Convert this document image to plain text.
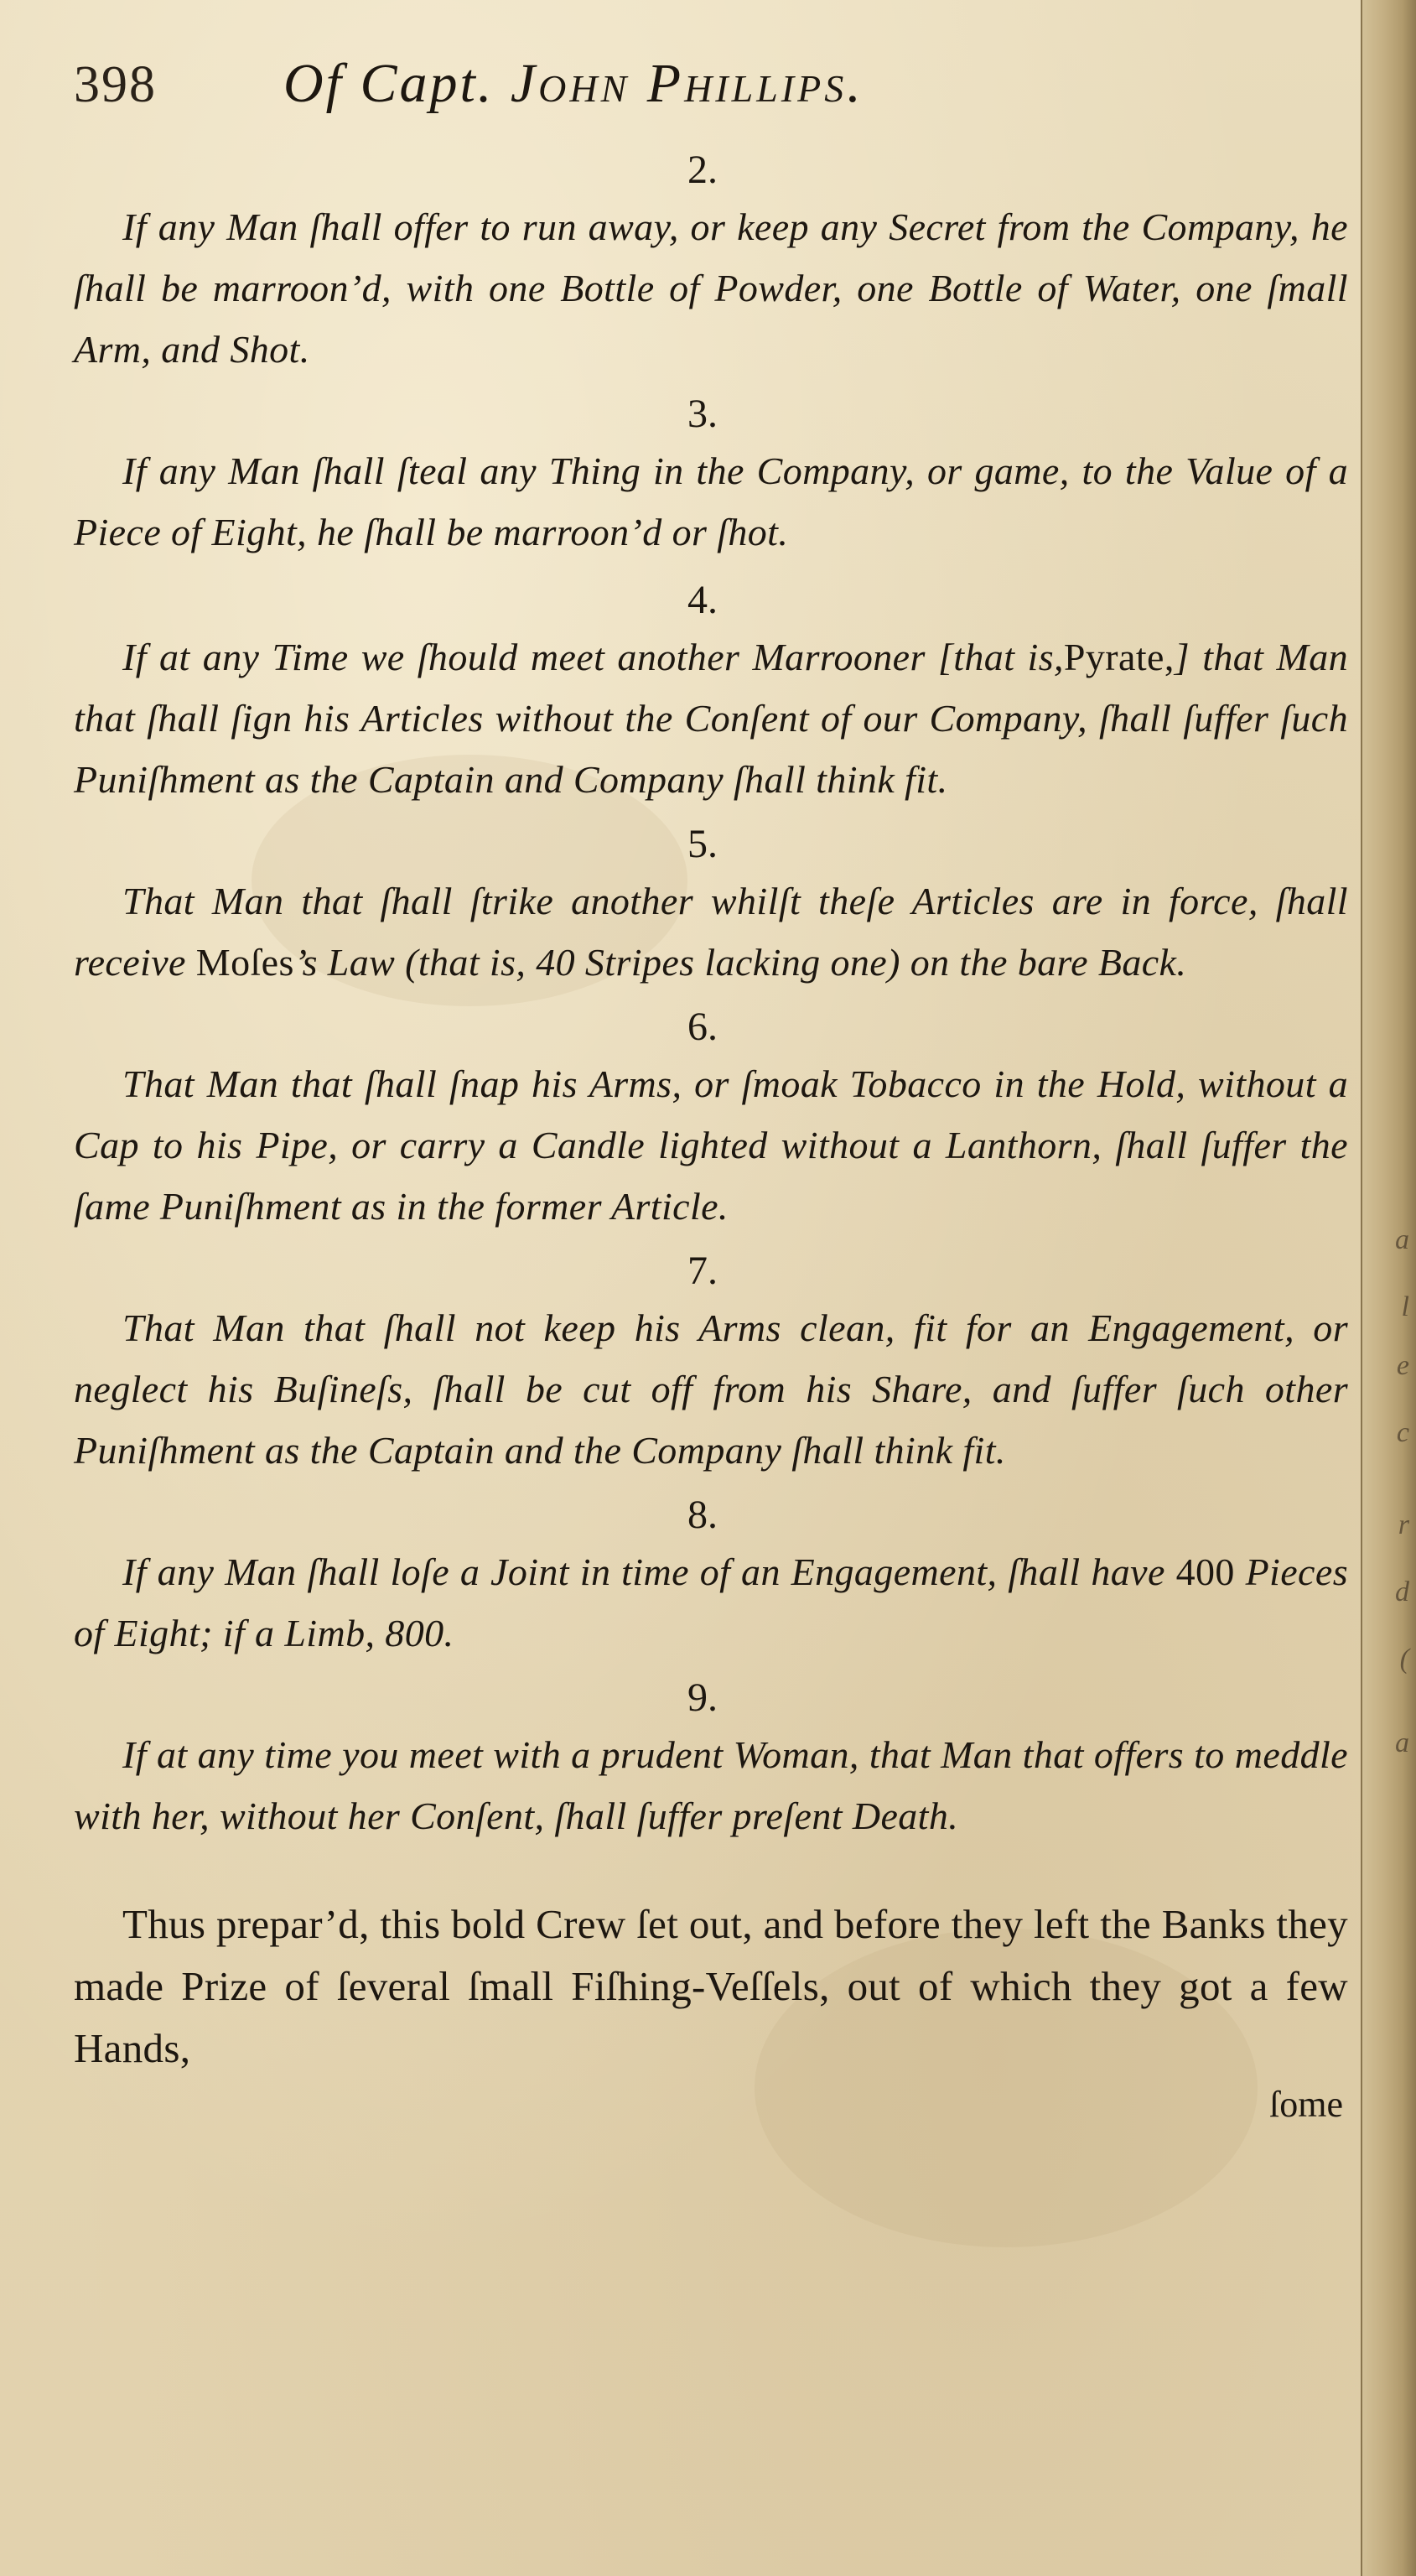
a
l
e
c
r
d
(
a
398	Of Capt. John Phillips.
2.
If any Man ſhall offer to run away, or keep any Secret from the Company, he ſhall be marroon’d, with one Bottle of Powder, one Bottle of Water, one ſmall Arm, and Shot.
3.
If any Man ſhall ſteal any Thing in the Company, or game, to the Value of a Piece of Eight, he ſhall be marroon’d or ſhot.
4.
If at any Time we ſhould meet another Marrooner [that is,Pyrate,] that Man that ſhall ſign his Articles without the Conſent of our Company, ſhall ſuffer ſuch Puniſhment as the Captain and Company ſhall think fit.
5.
That Man that ſhall ſtrike another whilſt theſe Articles are in force, ſhall receive Moſes’s Law (that is, 40 Stripes lacking one) on the bare Back.
6.
That Man that ſhall ſnap his Arms, or ſmoak Tobacco in the Hold, without a Cap to his Pipe, or carry a Candle lighted without a Lanthorn, ſhall ſuffer the ſame Puniſhment as in the former Article.
7.
That Man that ſhall not keep his Arms clean, fit for an Engagement, or neglect his Buſineſs, ſhall be cut off from his Share, and ſuffer ſuch other Puniſhment as the Captain and the Company ſhall think fit.
8.
If any Man ſhall loſe a Joint in time of an Engagement, ſhall have 400 Pieces of Eight; if a Limb, 800.
9.
If at any time you meet with a prudent Woman, that Man that offers to meddle with her, without her Conſent, ſhall ſuffer preſent Death.
Thus prepar’d, this bold Crew ſet out, and before they left the Banks they made Prize of ſeveral ſmall Fiſhing-Veſſels, out of which they got a few Hands,
ſome
